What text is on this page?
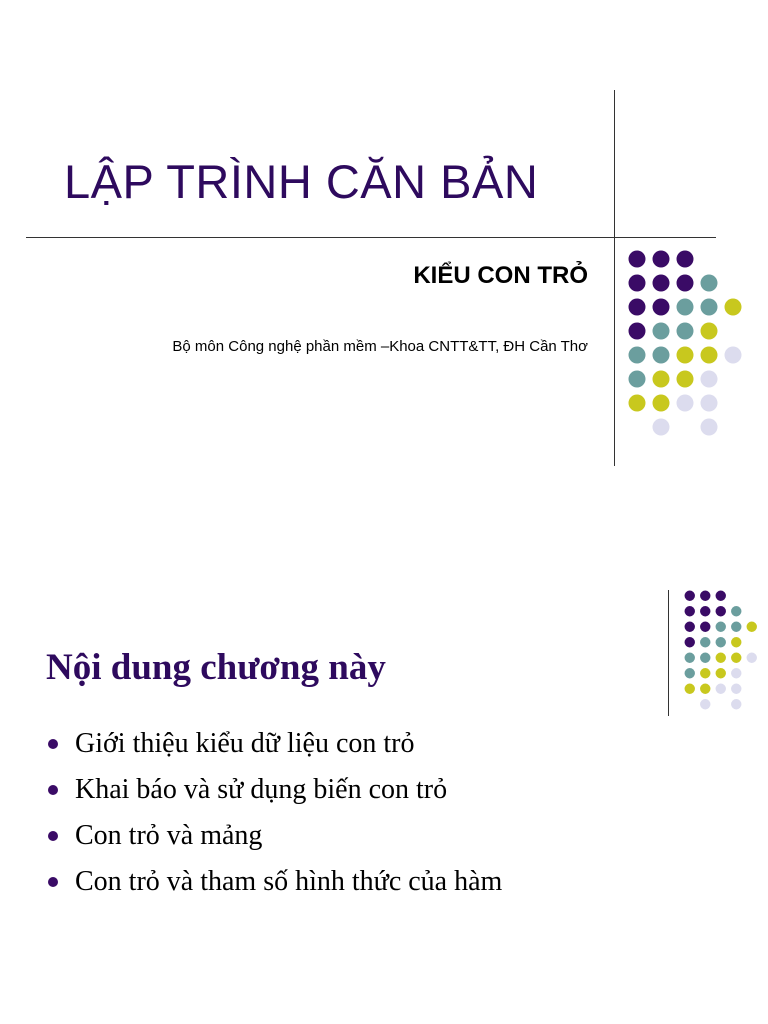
LẬP TRÌNH CĂN BẢN
KIỂU CON TRỎ
Bộ môn Công nghệ phần mềm –Khoa CNTT&TT, ĐH Cần Thơ
Nội dung chương này
Giới thiệu kiểu dữ liệu con trỏ
Khai báo và sử dụng biến con trỏ
Con trỏ và mảng
Con trỏ và tham số hình thức của hàm
